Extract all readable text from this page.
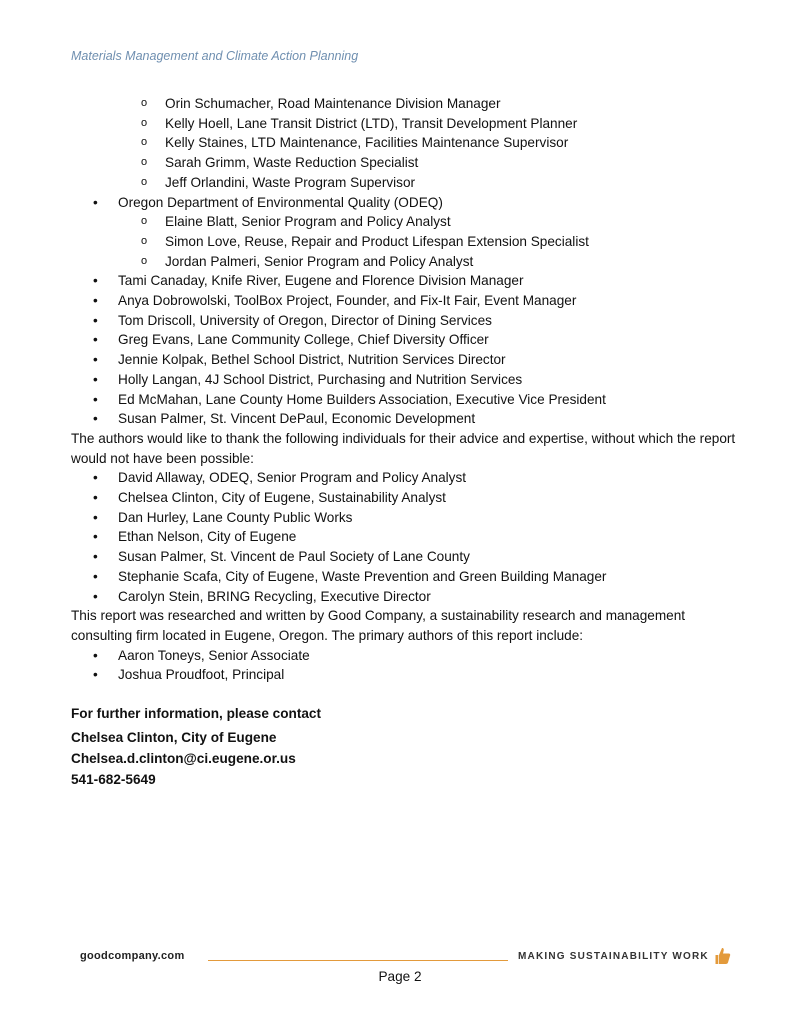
Materials Management and Climate Action Planning
o Orin Schumacher, Road Maintenance Division Manager
o Kelly Hoell, Lane Transit District (LTD), Transit Development Planner
o Kelly Staines, LTD Maintenance, Facilities Maintenance Supervisor
o Sarah Grimm, Waste Reduction Specialist
o Jeff Orlandini, Waste Program Supervisor
• Oregon Department of Environmental Quality (ODEQ)
o Elaine Blatt, Senior Program and Policy Analyst
o Simon Love, Reuse, Repair and Product Lifespan Extension Specialist
o Jordan Palmeri, Senior Program and Policy Analyst
• Tami Canaday, Knife River, Eugene and Florence Division Manager
• Anya Dobrowolski, ToolBox Project, Founder, and Fix-It Fair, Event Manager
• Tom Driscoll, University of Oregon, Director of Dining Services
• Greg Evans, Lane Community College, Chief Diversity Officer
• Jennie Kolpak, Bethel School District, Nutrition Services Director
• Holly Langan, 4J School District, Purchasing and Nutrition Services
• Ed McMahan, Lane County Home Builders Association, Executive Vice President
• Susan Palmer, St. Vincent DePaul, Economic Development

The authors would like to thank the following individuals for their advice and expertise, without which the report would not have been possible:

• David Allaway, ODEQ, Senior Program and Policy Analyst
• Chelsea Clinton, City of Eugene, Sustainability Analyst
• Dan Hurley, Lane County Public Works
• Ethan Nelson, City of Eugene
• Susan Palmer, St. Vincent de Paul Society of Lane County
• Stephanie Scafa, City of Eugene, Waste Prevention and Green Building Manager
• Carolyn Stein, BRING Recycling, Executive Director

This report was researched and written by Good Company, a sustainability research and management consulting firm located in Eugene, Oregon. The primary authors of this report include:

• Aaron Toneys, Senior Associate
• Joshua Proudfoot, Principal
For further information, please contact
Chelsea Clinton, City of Eugene
Chelsea.d.clinton@ci.eugene.or.us
541-682-5649
goodcompany.com	MAKING SUSTAINABILITY WORK
Page 2
